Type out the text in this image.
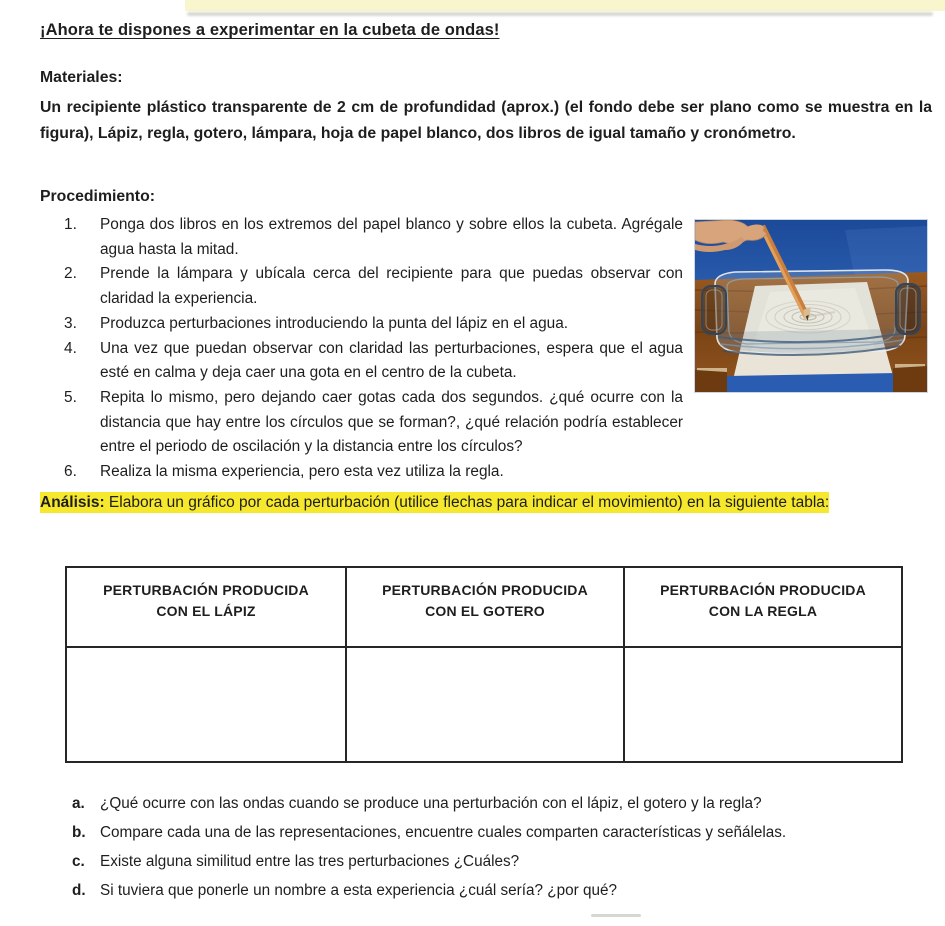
¡Ahora te dispones a experimentar en la cubeta de ondas!
Materiales:
Un recipiente plástico transparente de 2 cm de profundidad (aprox.) (el fondo debe ser plano como se muestra en la figura), Lápiz, regla, gotero, lámpara, hoja de papel blanco, dos libros de igual tamaño y cronómetro.
Procedimiento:
Ponga dos libros en los extremos del papel blanco y sobre ellos la cubeta. Agrégale agua hasta la mitad.
Prende la lámpara y ubícala cerca del recipiente para que puedas observar con claridad la experiencia.
Produzca perturbaciones introduciendo la punta del lápiz en el agua.
Una vez que puedan observar con claridad las perturbaciones, espera que el agua esté en calma y deja caer una gota en el centro de la cubeta.
Repita lo mismo, pero dejando caer gotas cada dos segundos. ¿qué ocurre con la distancia que hay entre los círculos que se forman?, ¿qué relación podría establecer entre el periodo de oscilación y la distancia entre los círculos?
Realiza la misma experiencia, pero esta vez utiliza la regla.
Análisis: Elabora un gráfico por cada perturbación (utilice flechas para indicar el movimiento) en la siguiente tabla:
PERTURBACIÓN PRODUCIDA
CON EL LÁPIZ
PERTURBACIÓN PRODUCIDA
CON EL GOTERO
PERTURBACIÓN PRODUCIDA
CON LA REGLA
a. ¿Qué ocurre con las ondas cuando se produce una perturbación con el lápiz, el gotero y la regla?
b. Compare cada una de las representaciones, encuentre cuales comparten características y señálelas.
c. Existe alguna similitud entre las tres perturbaciones ¿Cuáles?
d. Si tuviera que ponerle un nombre a esta experiencia ¿cuál sería? ¿por qué?
